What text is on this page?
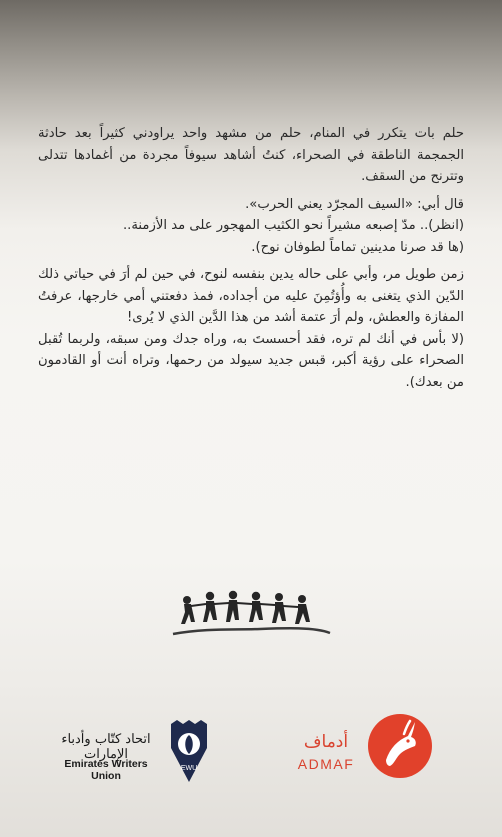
حلم بات يتكرر في المنام، حلم من مشهد واحد يراودني كثيراً بعد حادثة الجمجمة الناطقة في الصحراء، كنتُ أشاهد سيوفاً مجردة من أغمادها تتدلى وتترنح من السقف.

قال أبي: «السيف المجرّد يعني الحرب».

(انظر).. مدّ إصبعه مشيراً نحو الكثيب المهجور على مد الأزمنة..

(ها قد صرنا مدينين تماماً لطوفان نوح).

زمن طويل مر، وأبي على حاله يدين بنفسه لنوح، في حين لم أرَ في حياتي ذلك الدّين الذي يتغنى به وأُؤتُمِنَ عليه من أجداده، فمذ دفعتني أمي خارجها، عرفتُ المفازة والعطش، ولم أرَ عتمة أشد من هذا الدَّين الذي لا يُرى!

(لا بأس في أنك لم تره، فقد أحسستَ به، وراه جدك ومن سبقه، ولربما تُقبل الصحراء على رؤية أكبر، قبس جديد سيولد من رحمها، وتراه أنت أو القادمون من بعدك).

اتحاد كتّاب وأدباء الإمارات
Emirates Writers Union
EWU
أدماف
ADMAF
